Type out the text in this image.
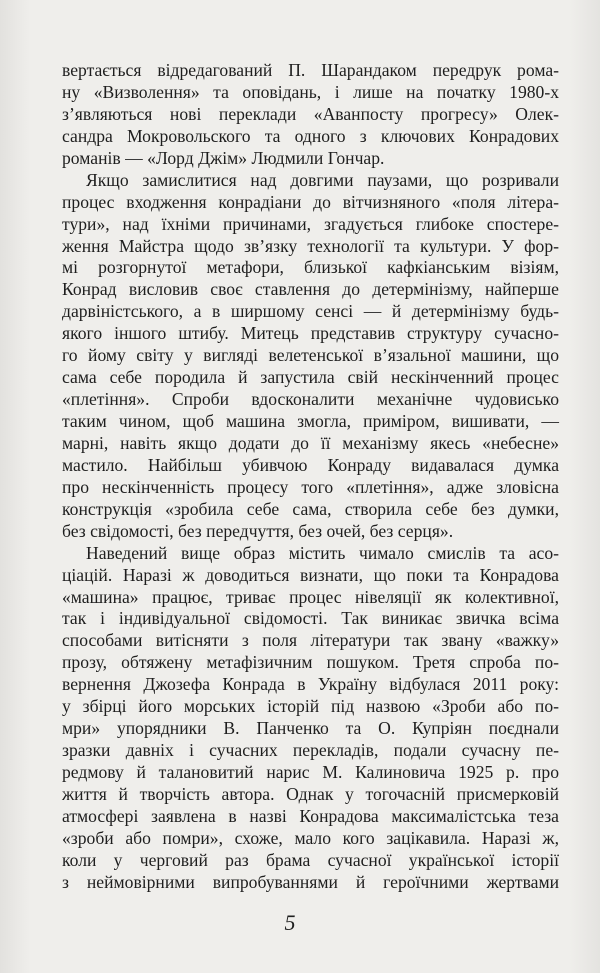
вертається відредагований П. Шарандаком передрук рома-
ну «Визволення» та оповідань, і лише на початку 1980-х
з’являються нові переклади «Аванпосту прогресу» Олек-
сандра Мокровольского та одного з ключових Конрадових
романів — «Лорд Джім» Людмили Гончар.
Якщо замислитися над довгими паузами, що розривали
процес входження конрадіани до вітчизняного «поля літера-
тури», над їхніми причинами, згадується глибоке спостере-
ження Майстра щодо зв’язку технології та культури. У фор-
мі розгорнутої метафори, близької кафкіанським візіям,
Конрад висловив своє ставлення до детермінізму, найперше
дарвіністського, а в ширшому сенсі — й детермінізму будь-
якого іншого штибу. Митець представив структуру сучасно-
го йому світу у вигляді велетенської в’язальної машини, що
сама себе породила й запустила свій нескінченний процес
«плетіння». Спроби вдосконалити механічне чудовисько
таким чином, щоб машина змогла, приміром, вишивати, —
марні, навіть якщо додати до її механізму якесь «небесне»
мастило. Найбільш убивчою Конраду видавалася думка
про нескінченність процесу того «плетіння», адже зловісна
конструкція «зробила себе сама, створила себе без думки,
без свідомості, без передчуття, без очей, без серця».
Наведений вище образ містить чимало смислів та асо-
ціацій. Наразі ж доводиться визнати, що поки та Конрадова
«машина» працює, триває процес нівеляції як колективної,
так і індивідуальної свідомості. Так виникає звичка всіма
способами витісняти з поля літератури так звану «важку»
прозу, обтяжену метафізичним пошуком. Третя спроба по-
вернення Джозефа Конрада в Україну відбулася 2011 року:
у збірці його морських історій під назвою «Зроби або по-
мри» упорядники В. Панченко та О. Купріян поєднали
зразки давніх і сучасних перекладів, подали сучасну пе-
редмову й талановитий нарис М. Калиновича 1925 р. про
життя й творчість автора. Однак у тогочасній присмерковій
атмосфері заявлена в назві Конрадова максималістська теза
«зроби або помри», схоже, мало кого зацікавила. Наразі ж,
коли у черговий раз брама сучасної української історії
з неймовірними випробуваннями й героїчними жертвами
5
